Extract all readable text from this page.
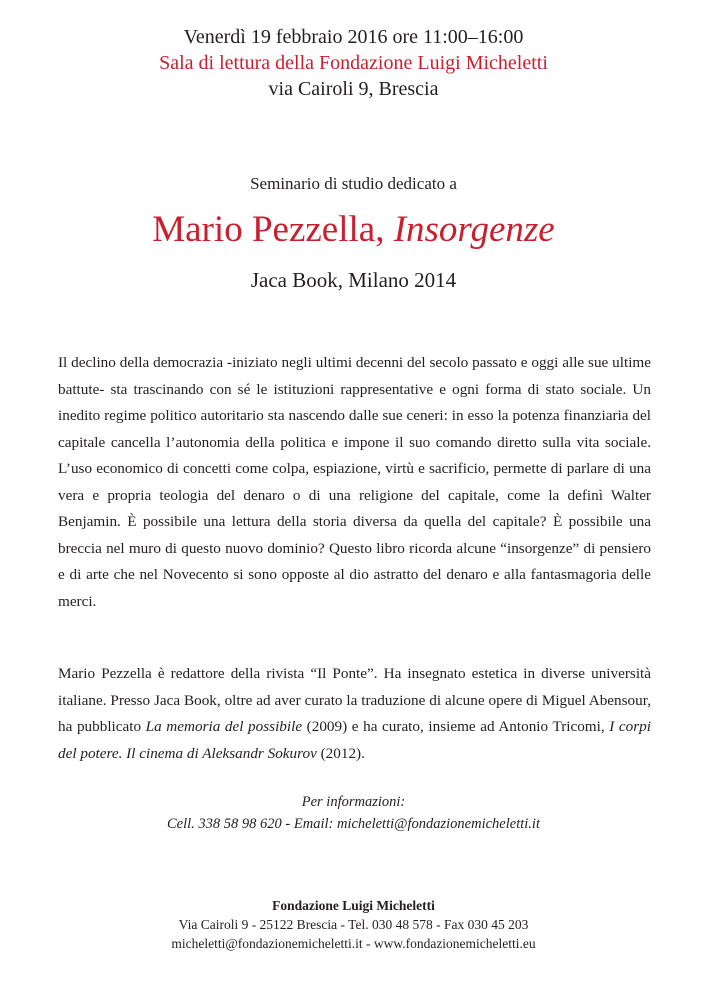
Venerdì 19 febbraio 2016 ore 11:00–16:00
Sala di lettura della Fondazione Luigi Micheletti
via Cairoli 9, Brescia
Seminario di studio dedicato a
Mario Pezzella, Insorgenze
Jaca Book, Milano 2014
Il declino della democrazia -iniziato negli ultimi decenni del secolo passato e oggi alle sue ultime battute- sta trascinando con sé le istituzioni rappresentative e ogni forma di stato sociale. Un inedito regime politico autoritario sta nascendo dalle sue ceneri: in esso la potenza finanziaria del capitale cancella l’autonomia della politica e impone il suo comando diretto sulla vita sociale. L’uso economico di concetti come colpa, espiazione, virtù e sacrificio, permette di parlare di una vera e propria teologia del denaro o di una religione del capitale, come la definì Walter Benjamin. È possibile una lettura della storia diversa da quella del capitale? È possibile una breccia nel muro di questo nuovo dominio? Questo libro ricorda alcune “insorgenze” di pensiero e di arte che nel Novecento si sono opposte al dio astratto del denaro e alla fantasmagoria delle merci.
Mario Pezzella è redattore della rivista “Il Ponte”. Ha insegnato estetica in diverse università italiane. Presso Jaca Book, oltre ad aver curato la traduzione di alcune opere di Miguel Abensour, ha pubblicato La memoria del possibile (2009) e ha curato, insieme ad Antonio Tricomi, I corpi del potere. Il cinema di Aleksandr Sokurov (2012).
Per informazioni:
Cell. 338 58 98 620 - Email: micheletti@fondazionemicheletti.it
Fondazione Luigi Micheletti
Via Cairoli 9 - 25122 Brescia - Tel. 030 48 578 - Fax 030 45 203
micheletti@fondazionemicheletti.it - www.fondazionemicheletti.eu
